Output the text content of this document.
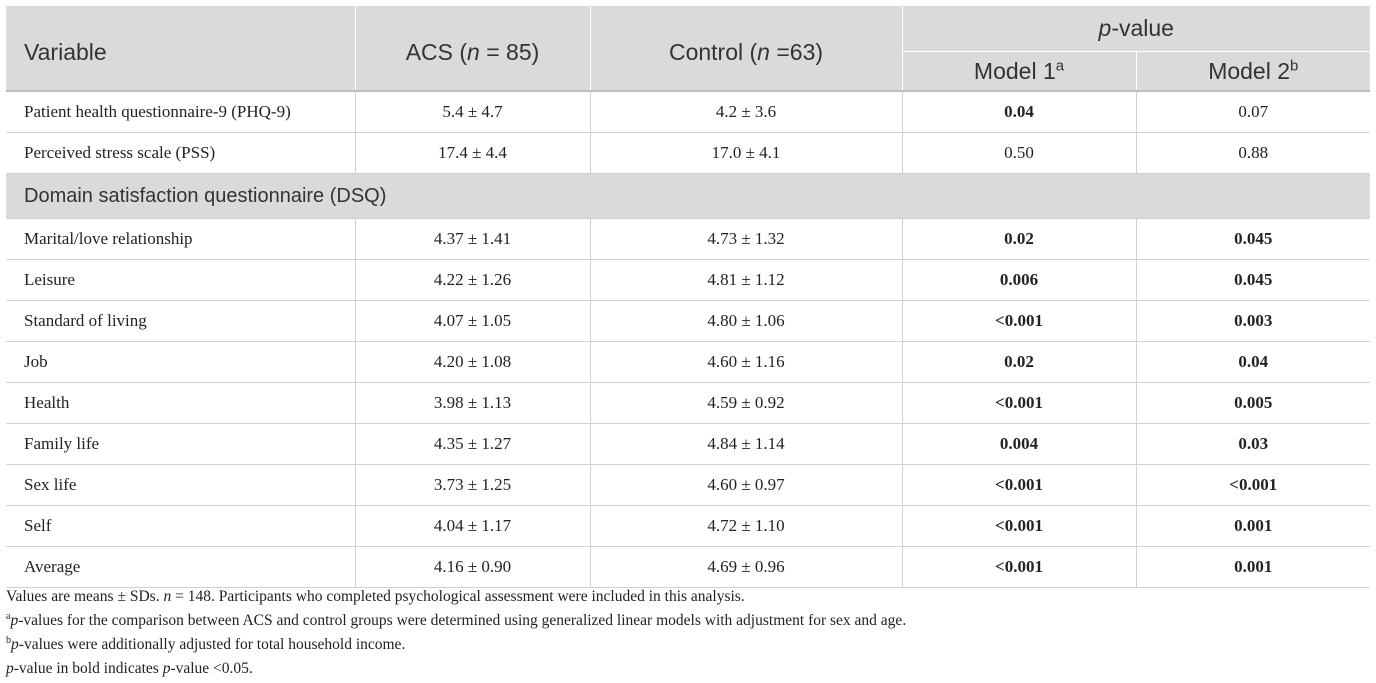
Variable	ACS (n = 85)	Control (n =63)	p-value	
			Model 1$^a$	Model 2$^b$
Patient health questionnaire-9 (PHQ-9)	5.4 ± 4.7	4.2 ± 3.6	0.04	0.07
Perceived stress scale (PSS)	17.4 ± 4.4	17.0 ± 4.1	0.50	0.88
Domain satisfaction questionnaire (DSQ)				
Marital/love relationship	4.37 ± 1.41	4.73 ± 1.32	0.02	0.045
Leisure	4.22 ± 1.26	4.81 ± 1.12	0.006	0.045
Standard of living	4.07 ± 1.05	4.80 ± 1.06	<0.001	0.003
Job	4.20 ± 1.08	4.60 ± 1.16	0.02	0.04
Health	3.98 ± 1.13	4.59 ± 0.92	<0.001	0.005
Family life	4.35 ± 1.27	4.84 ± 1.14	0.004	0.03
Sex life	3.73 ± 1.25	4.60 ± 0.97	<0.001	<0.001
Self	4.04 ± 1.17	4.72 ± 1.10	<0.001	0.001
Average	4.16 ± 0.90	4.69 ± 0.96	<0.001	0.001

Values are means ± SDs. n = 148. Participants who completed psychological assessment were included in this analysis.

$^a$p-values for the comparison between ACS and control groups were determined using generalized linear models with adjustment for sex and age.

$^b$p-values were additionally adjusted for total household income.

p-value in bold indicates p-value <0.05.
